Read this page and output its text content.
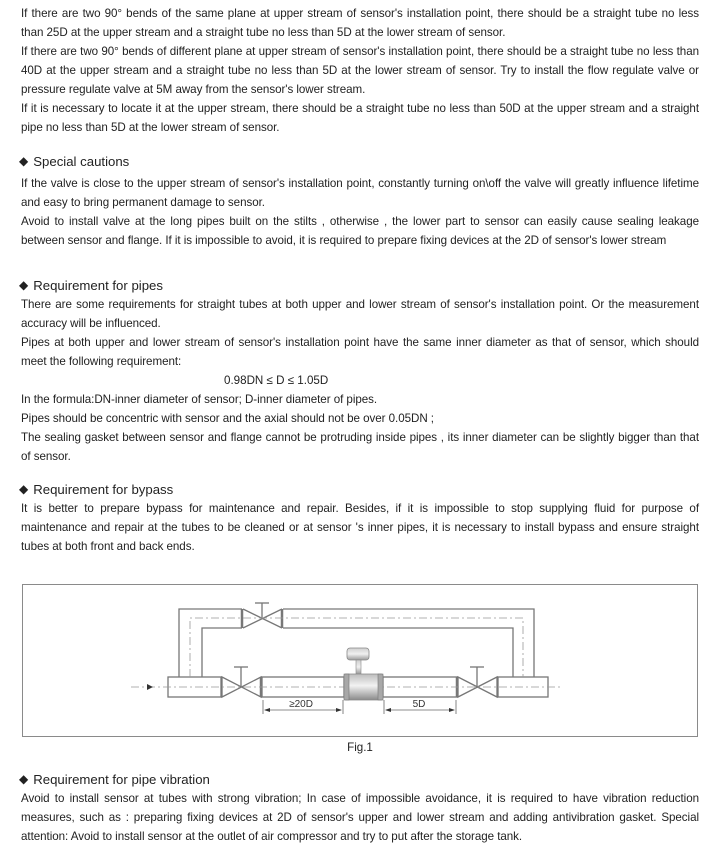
If there are two 90° bends of the same plane at upper stream of sensor's installation point, there should be a straight tube no less than 25D at the upper stream and a straight tube no less than 5D at the lower stream of sensor.

If there are two 90° bends of different plane at upper stream of sensor's installation point, there should be a straight tube no less than 40D at the upper stream and a straight tube no less than 5D at the lower stream of sensor. Try to install the flow regulate valve or pressure regulate valve at 5M away from the sensor's lower stream.

If it is necessary to locate it at the upper stream, there should be a straight tube no less than 50D at the upper stream and a straight pipe no less than 5D at the lower stream of sensor.

◆ Special cautions

If the valve is close to the upper stream of sensor's installation point, constantly turning on\off the valve will greatly influence lifetime and easy to bring permanent damage to sensor.

Avoid to install valve at the long pipes built on the stilts , otherwise , the lower part to sensor can easily cause sealing leakage between sensor and flange. If it is impossible to avoid, it is required to prepare fixing devices at the 2D of sensor's lower stream

◆ Requirement for pipes

There are some requirements for straight tubes at both upper and lower stream of sensor's installation point. Or the measurement accuracy will be influenced.

Pipes at both upper and lower stream of sensor's installation point have the same inner diameter as that of sensor, which should meet the following requirement:

0.98DN ≤ D ≤ 1.05D

In the formula:DN-inner diameter of sensor; D-inner diameter of pipes.

Pipes should be concentric with sensor and the axial should not be over 0.05DN ;

The sealing gasket between sensor and flange cannot be protruding inside pipes , its inner diameter can be slightly bigger than that of sensor.

◆ Requirement for bypass

It is better to prepare bypass for maintenance and repair. Besides, if it is impossible to stop supplying fluid for purpose of maintenance and repair at the tubes to be cleaned or at sensor 's inner pipes, it is necessary to install bypass and ensure straight tubes at both front and back ends.

≥20D	5D
Fig.1
◆ Requirement for pipe vibration

Avoid to install sensor at tubes with strong vibration; In case of impossible avoidance, it is required to have vibration reduction measures, such as : preparing fixing devices at 2D of sensor's upper and lower stream and adding antivibration gasket. Special attention: Avoid to install sensor at the outlet of air compressor and try to put after the storage tank.
